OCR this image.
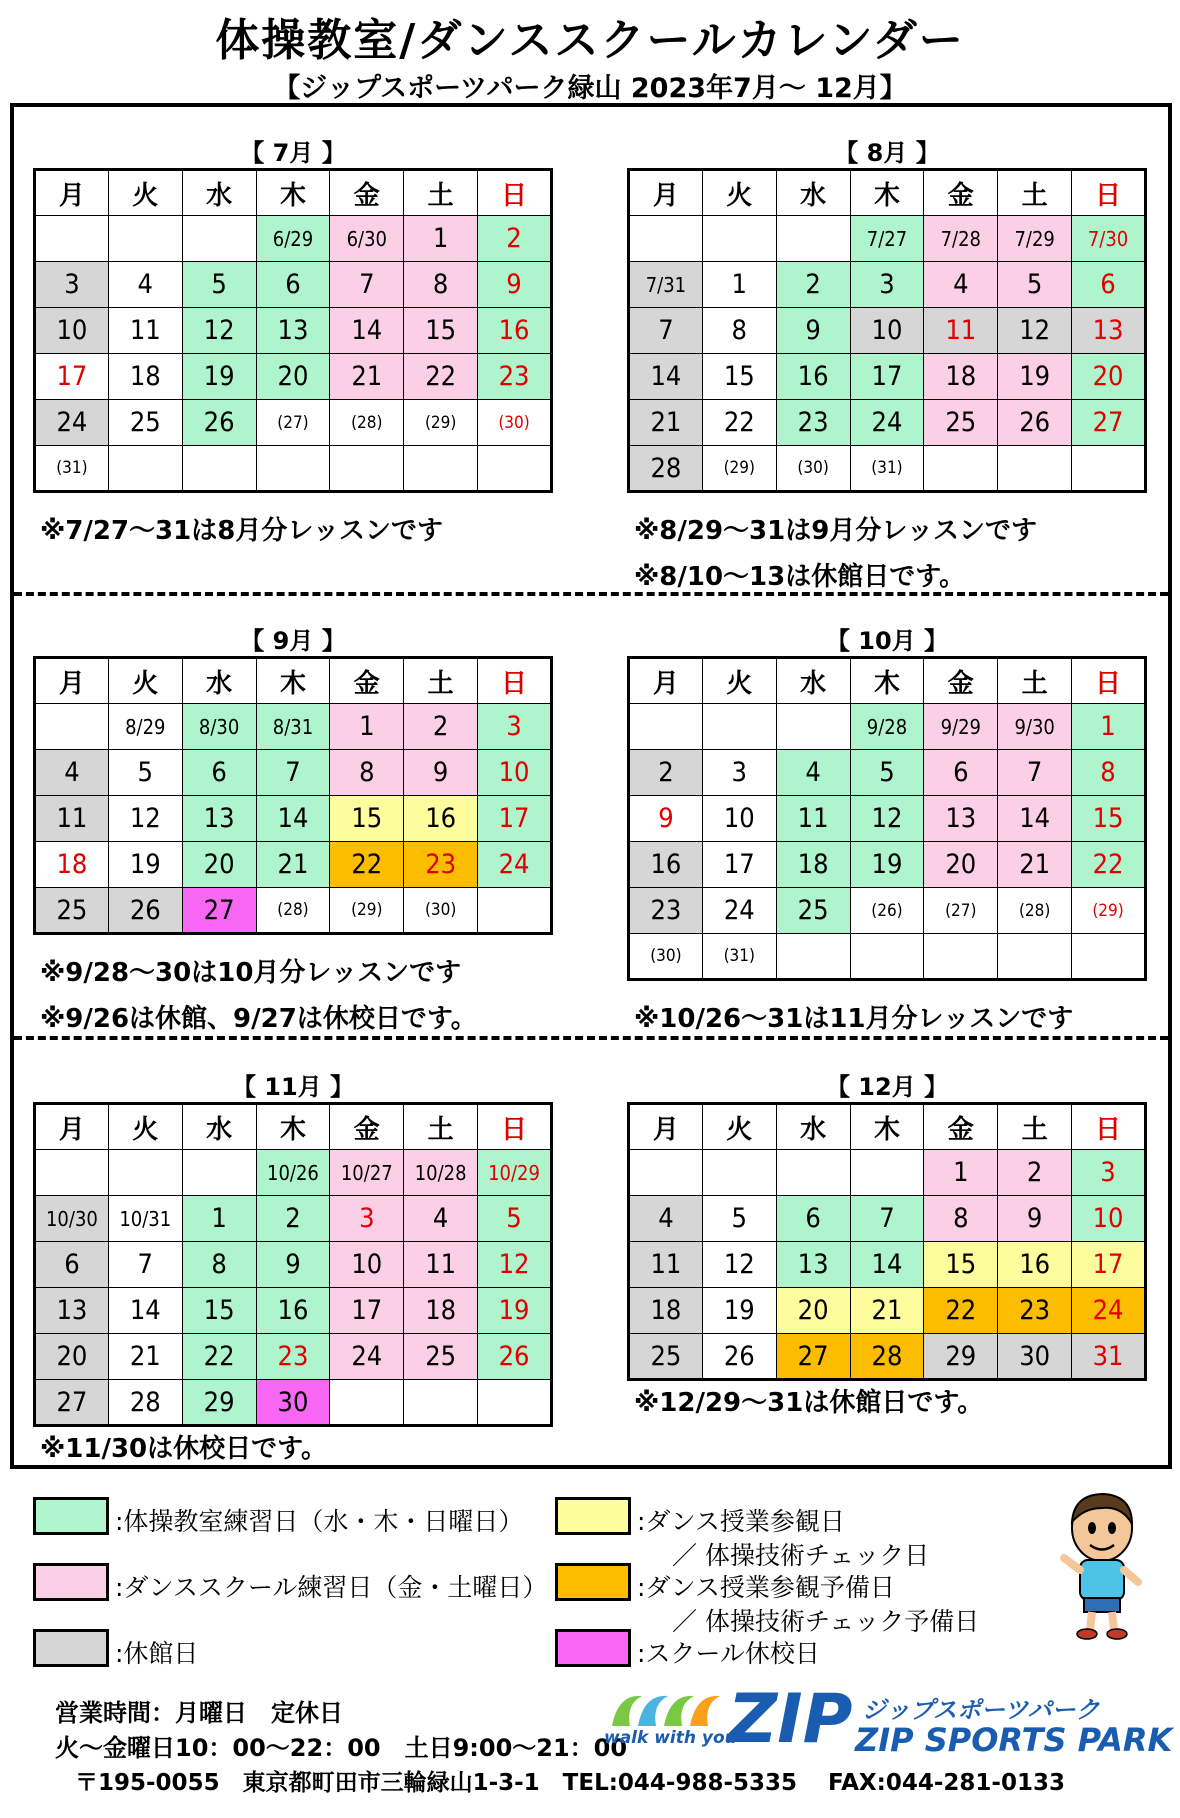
体操教室/ダンススクールカレンダー
【ジップスポーツパーク緑山 2023年7月～ 12月】
【 7月 】
月	火	水	木	金	土	日
			6/29	6/30	1	2
3	4	5	6	7	8	9
10	11	12	13	14	15	16
17	18	19	20	21	22	23
24	25	26	(27)	(28)	(29)	(30)
(31)						
【 8月 】
月	火	水	木	金	土	日
			7/27	7/28	7/29	7/30
7/31	1	2	3	4	5	6
7	8	9	10	11	12	13
14	15	16	17	18	19	20
21	22	23	24	25	26	27
28	(29)	(30)	(31)			
【 9月 】
月	火	水	木	金	土	日
	8/29	8/30	8/31	1	2	3
4	5	6	7	8	9	10
11	12	13	14	15	16	17
18	19	20	21	22	23	24
25	26	27	(28)	(29)	(30)	
【 10月 】
月	火	水	木	金	土	日
			9/28	9/29	9/30	1
2	3	4	5	6	7	8
9	10	11	12	13	14	15
16	17	18	19	20	21	22
23	24	25	(26)	(27)	(28)	(29)
(30)	(31)					
【 11月 】
月	火	水	木	金	土	日
			10/26	10/27	10/28	10/29
10/30	10/31	1	2	3	4	5
6	7	8	9	10	11	12
13	14	15	16	17	18	19
20	21	22	23	24	25	26
27	28	29	30			
【 12月 】
月	火	水	木	金	土	日
				1	2	3
4	5	6	7	8	9	10
11	12	13	14	15	16	17
18	19	20	21	22	23	24
25	26	27	28	29	30	31
※7/27～31は8月分レッスンです	※8/29～31は9月分レッスンです
※8/10～13は休館日です。
※9/28～30は10月分レッスンです
※9/26は休館、9/27は休校日です。	※10/26～31は11月分レッスンです
※11/30は休校日です。
※12/29～31は休館日です。
:体操教室練習日（水・木・日曜日）
:ダンススクール練習日（金・土曜日）
:休館日
:ダンス授業参観日
／ 体操技術チェック日
:ダンス授業参観予備日
／ 体操技術チェック予備日
:スクール休校日
営業時間：月曜日　定休日
火～金曜日10：00～22：00　土日9:00～21：00
〒195-0055　東京都町田市三輪緑山1-3-1　TEL:044-988-5335　 FAX:044-281-0133
walk with you
ZIP ジップスポーツパーク
ZIP SPORTS PARK
